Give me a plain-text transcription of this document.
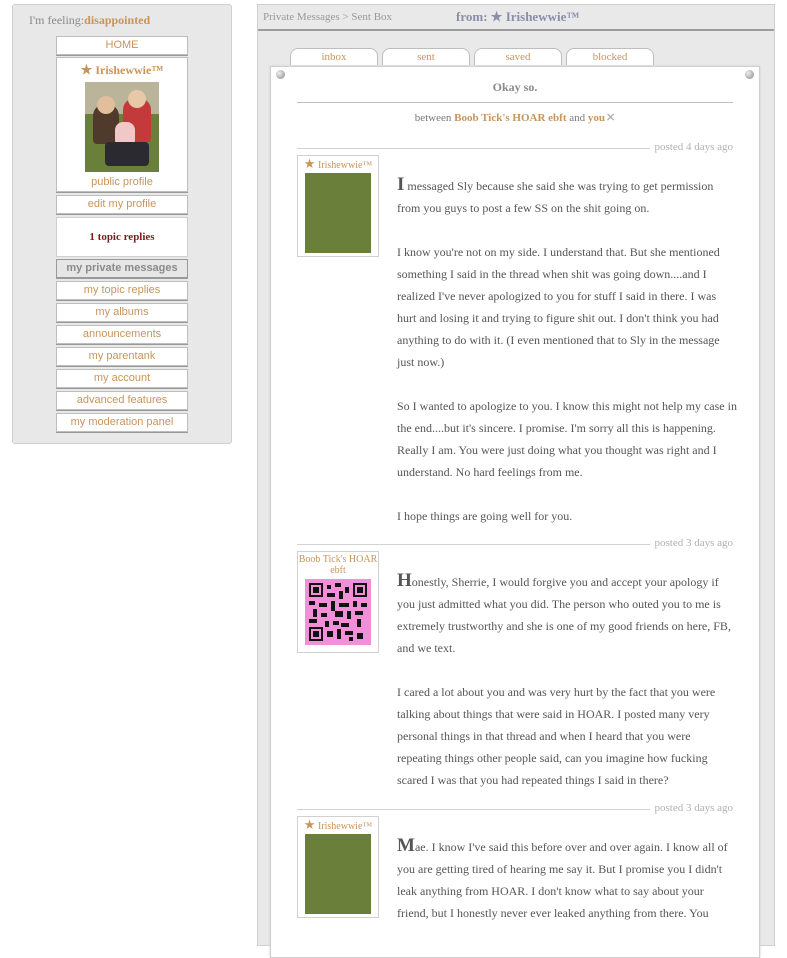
I'm feeling:disappointed
HOME
★ Irishewwie™
public profile
edit my profile
1 topic replies
my private messages
my topic replies
my albums
announcements
my parentank
my account
advanced features
my moderation panel
Private Messages > Sent Box	from: ★ Irishewwie™
inbox	sent	saved	blocked
Okay so.
between Boob Tick's HOAR ebft and you✕
posted 4 days ago
★ Irishewwie™

I messaged Sly because she said she was trying to get permission from you guys to post a few SS on the shit going on.

I know you're not on my side. I understand that. But she mentioned something I said in the thread when shit was going down....and I realized I've never apologized to you for stuff I said in there. I was hurt and losing it and trying to figure shit out. I don't think you had anything to do with it. (I even mentioned that to Sly in the message just now.)

So I wanted to apologize to you. I know this might not help my case in the end....but it's sincere. I promise. I'm sorry all this is happening. Really I am. You were just doing what you thought was right and I understand. No hard feelings from me.

I hope things are going well for you.

posted 3 days ago
Boob Tick's HOAR ebft	Honestly, Sherrie, I would forgive you and accept your apology if you just admitted what you did. The person who outed you to me is extremely trustworthy and she is one of my good friends on here, FB, and we text.

I cared a lot about you and was very hurt by the fact that you were talking about things that were said in HOAR. I posted many very personal things in that thread and when I heard that you were repeating things other people said, can you imagine how fucking scared I was that you had repeated things I said in there?

posted 3 days ago
★ Irishewwie™

Mae. I know I've said this before over and over again. I know all of you are getting tired of hearing me say it. But I promise you I didn't leak anything from HOAR. I don't know what to say about your friend, but I honestly never ever leaked anything from there. You
